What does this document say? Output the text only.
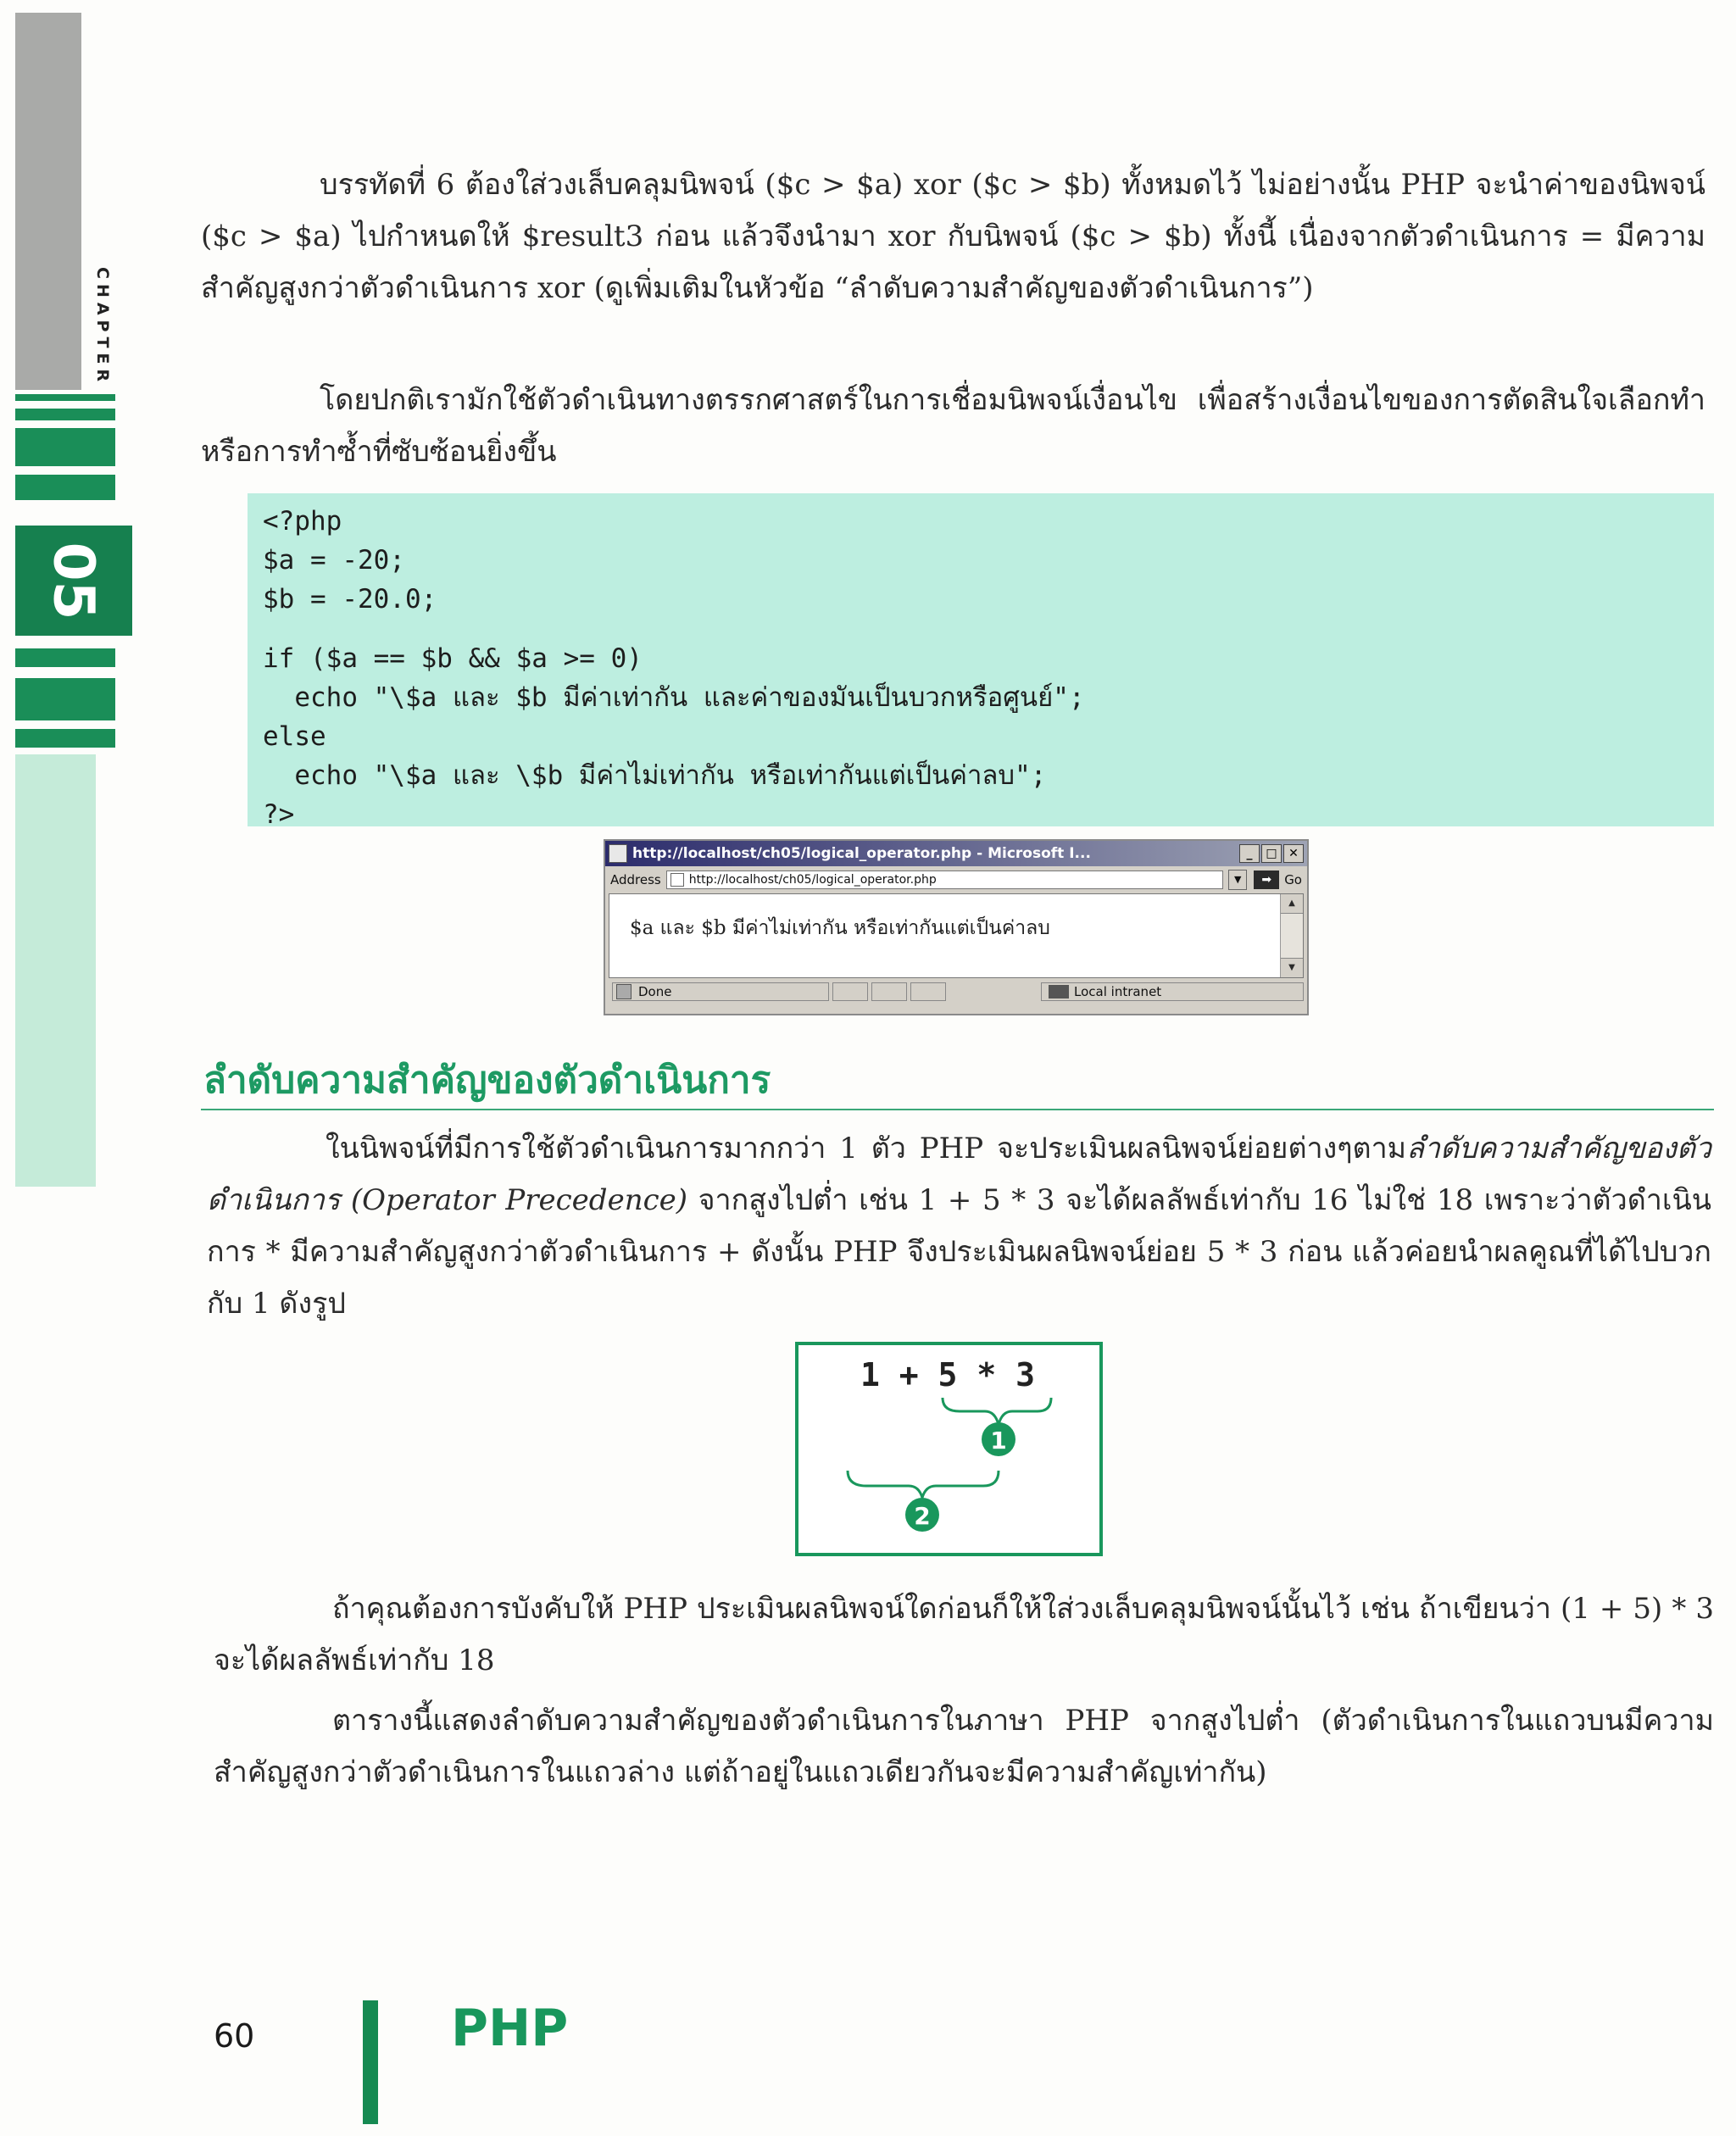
CHAPTER
05

บรรทัดที่ 6 ต้องใส่วงเล็บคลุมนิพจน์ ($c > $a) xor ($c > $b) ทั้งหมดไว้ ไม่อย่างนั้น PHP จะนำค่าของนิพจน์ ($c > $a) ไปกำหนดให้ $result3 ก่อน แล้วจึงนำมา xor กับนิพจน์ ($c > $b) ทั้งนี้ เนื่องจากตัวดำเนินการ = มีความสำคัญสูงกว่าตัวดำเนินการ xor (ดูเพิ่มเติมในหัวข้อ “ลำดับความสำคัญของตัวดำเนินการ”)

โดยปกติเรามักใช้ตัวดำเนินทางตรรกศาสตร์ในการเชื่อมนิพจน์เงื่อนไข เพื่อสร้างเงื่อนไขของการตัดสินใจเลือกทำหรือการทำซ้ำที่ซับซ้อนยิ่งขึ้น

<?php
$a = -20;
$b = -20.0;
if ($a == $b && $a >= 0)
echo "\$a และ $b มีค่าเท่ากัน และค่าของมันเป็นบวกหรือศูนย์";
else
echo "\$a และ \$b มีค่าไม่เท่ากัน หรือเท่ากันแต่เป็นค่าลบ";
?>
http://localhost/ch05/logical_operator.php - Microsoft I...	_	□ ✕
Address http://localhost/ch05/logical_operator.php	▼	➡	Go
$a และ $b มีค่าไม่เท่ากัน หรือเท่ากันแต่เป็นค่าลบ
▲
▼
Done	Local intranet
ลำดับความสำคัญของตัวดำเนินการ

ในนิพจน์ที่มีการใช้ตัวดำเนินการมากกว่า 1 ตัว PHP จะประเมินผลนิพจน์ย่อยต่างๆตามลำดับความสำคัญของตัวดำเนินการ (Operator Precedence) จากสูงไปต่ำ เช่น 1 + 5 * 3 จะได้ผลลัพธ์เท่ากับ 16 ไม่ใช่ 18 เพราะว่าตัวดำเนินการ * มีความสำคัญสูงกว่าตัวดำเนินการ + ดังนั้น PHP จึงประเมินผลนิพจน์ย่อย 5 * 3 ก่อน แล้วค่อยนำผลคูณที่ได้ไปบวกกับ 1 ดังรูป

1 + 5 * 3
1
2

ถ้าคุณต้องการบังคับให้ PHP ประเมินผลนิพจน์ใดก่อนก็ให้ใส่วงเล็บคลุมนิพจน์นั้นไว้ เช่น ถ้าเขียนว่า (1 + 5) * 3 จะได้ผลลัพธ์เท่ากับ 18

ตารางนี้แสดงลำดับความสำคัญของตัวดำเนินการในภาษา PHP จากสูงไปต่ำ (ตัวดำเนินการในแถวบนมีความสำคัญสูงกว่าตัวดำเนินการในแถวล่าง แต่ถ้าอยู่ในแถวเดียวกันจะมีความสำคัญเท่ากัน)

60	PHP
